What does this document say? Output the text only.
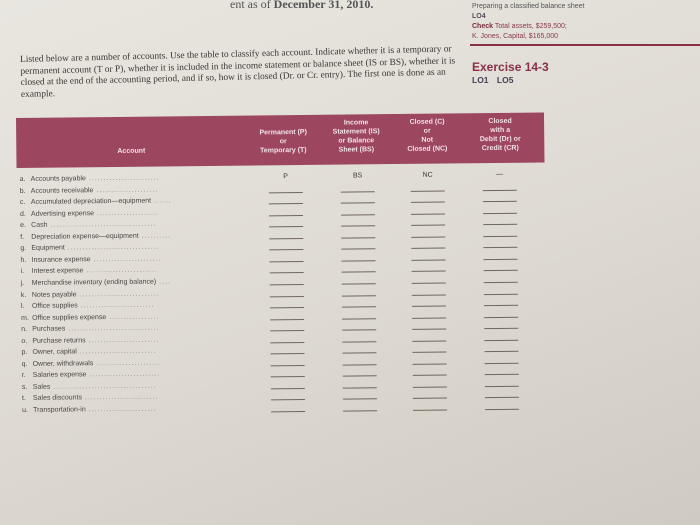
ent as of December 31, 2010.	Preparing a classified balance sheet
LO4
Check Total assets, $259,500;
K. Jones, Capital, $165,000
Listed below are a number of accounts. Use the table to classify each account. Indicate whether it is a temporary or permanent account (T or P), whether it is included in the income statement or balance sheet (IS or BS), whether it is closed at the end of the accounting period, and if so, how it is closed (Dr. or Cr. entry). The first one is done as an example.
Exercise 14-3
LO1 LO5
Account
Permanent (P)
or
Temporary (T)
Income
Statement (IS)
or Balance
Sheet (BS)
Closed (C)
or
Not
Closed (NC)
Closed
with a
Debit (Dr) or
Credit (CR)
a. Accounts payable ........................	P	BS	NC	—
b. Accounts receivable .....................
c. Accumulated depreciation—equipment ......
d. Advertising expense .....................
e. Cash ....................................
f. Depreciation expense—equipment ..........
g. Equipment ...............................
h. Insurance expense .......................
i. Interest expense ........................
j. Merchandise inventory (ending balance) ....
k. Notes payable ...........................
l. Office supplies .........................
m. Office supplies expense .................
n. Purchases ...............................
o. Purchase returns ........................
p. Owner, capital ..........................
q. Owner, withdrawals ......................
r. Salaries expense ........................
s. Sales ...................................
t. Sales discounts .........................
u. Transportation-in .......................
